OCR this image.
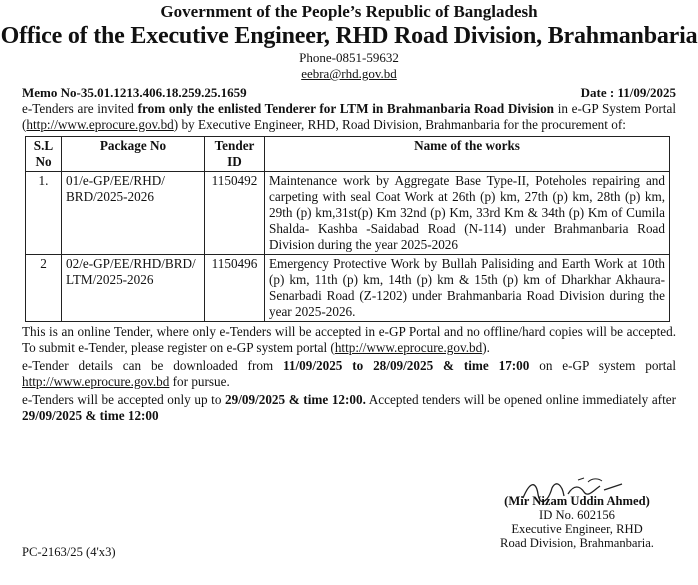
Government of the People’s Republic of Bangladesh
Office of the Executive Engineer, RHD Road Division, Brahmanbaria
Phone-0851-59632
eebra@rhd.gov.bd
Memo No-35.01.1213.406.18.259.25.1659	Date : 11/09/2025

e-Tenders are invited from only the enlisted Tenderer for LTM in Brahmanbaria Road Division in e-GP System Portal (http://www.eprocure.gov.bd) by Executive Engineer, RHD, Road Division, Brahmanbaria for the procurement of:

S.L No	Package No	Tender ID	Name of the works
1.	01/e-GP/EE/RHD/ BRD/2025-2026	1150492	Maintenance work by Aggregate Base Type-II, Poteholes repairing and carpeting with seal Coat Work at 26th (p) km, 27th (p) km, 28th (p) km, 29th (p) km,31st(p) Km 32nd (p) Km, 33rd Km & 34th (p) Km of Cumila Shalda- Kashba -Saidabad Road (N-114) under Brahmanbaria Road Division during the year 2025-2026
2	02/e-GP/EE/RHD/BRD/ LTM/2025-2026	1150496	Emergency Protective Work by Bullah Palisiding and Earth Work at 10th (p) km, 11th (p) km, 14th (p) km & 15th (p) km of Dharkhar Akhaura- Senarbadi Road (Z-1202) under Brahmanbaria Road Division during the year 2025-2026.

This is an online Tender, where only e-Tenders will be accepted in e-GP Portal and no offline/hard copies will be accepted. To submit e-Tender, please register on e-GP system portal (http://www.eprocure.gov.bd).

e-Tender details can be downloaded from 11/09/2025 to 28/09/2025 & time 17:00 on e-GP system portal http://www.eprocure.gov.bd for pursue.

e-Tenders will be accepted only up to 29/09/2025 & time 12:00. Accepted tenders will be opened online immediately after 29/09/2025 & time 12:00

(Mir Nizam Uddin Ahmed)
ID No. 602156
Executive Engineer, RHD
Road Division, Brahmanbaria.
PC-2163/25 (4'x3)
